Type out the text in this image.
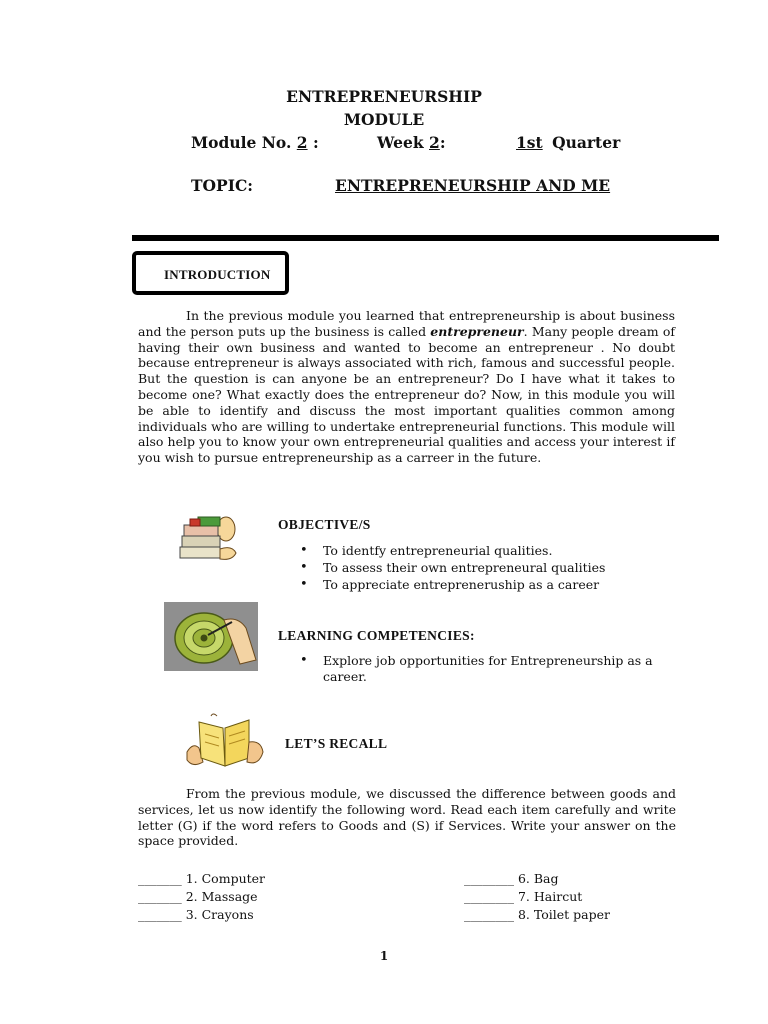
ENTREPRENEURSHIP
MODULE
Module No. 2 :	Week 2:	1st Quarter
TOPIC:	ENTREPRENEURSHIP AND ME
INTRODUCTION
In the previous module you learned that entrepreneurship is about business and the person puts up the business is called entrepreneur. Many people dream of having their own business and wanted to become an entrepreneur . No doubt because entrepreneur is always associated with rich, famous and successful people. But the question is can anyone be an entrepreneur? Do I have what it takes to become one? What exactly does the entrepreneur do? Now, in this module you will be able to identify and discuss the most important qualities common among individuals who are willing to undertake entrepreneurial functions. This module will also help you to know your own entrepreneurial qualities and access your interest if you wish to pursue entrepreneurship as a carreer in the future.
OBJECTIVE/S
• To identfy entrepreneurial qualities.
• To assess their own entrepreneural qualities
• To appreciate entrepreneruship as a career
LEARNING COMPETENCIES:
• Explore job opportunities for Entrepreneurship as a career.
LET’S RECALL
From the previous module, we discussed the difference between goods and services, let us now identify the following word. Read each item carefully and write letter (G) if the word refers to Goods and (S) if Services. Write your answer on the space provided.
_______ 1. Computer
_______ 2. Massage
_______ 3. Crayons
________ 6. Bag
________ 7. Haircut
________ 8. Toilet paper
1
